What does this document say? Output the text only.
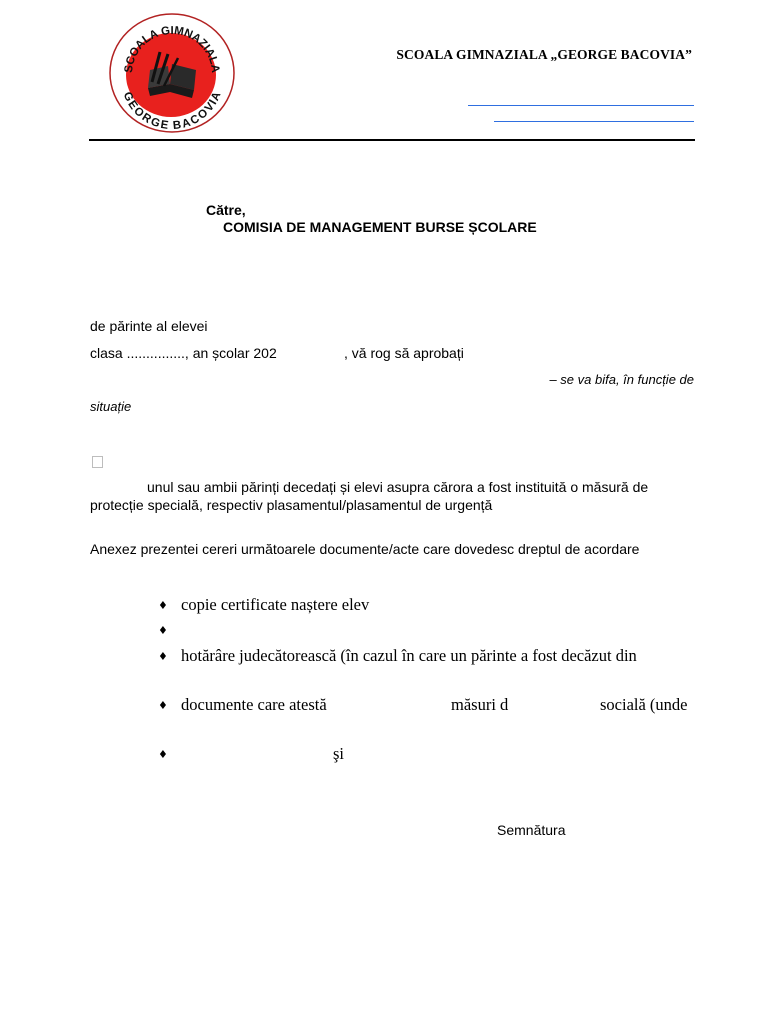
SCOALA GIMNAZIALA
GEORGE BACOVIA
SCOALA GIMNAZIALA „GEORGE BACOVIA”
Către,
COMISIA DE MANAGEMENT BURSE ȘCOLARE
de părinte al elevei
clasa ..............., an școlar 202	, vă rog să aprobați
– se va bifa, în funcție de
situație
unul sau ambii părinți decedați și elevi asupra cărora a fost instituită o măsură de
protecție specială, respectiv plasamentul/plasamentul de urgență
Anexez prezentei cereri următoarele documente/acte care dovedesc dreptul de acordare
♦ copie certificate naștere elev
♦
♦ hotărâre judecătorească (în cazul în care un părinte a fost decăzut din
♦ documente care atestă	măsuri d	socială (unde
♦	şi
Semnătura
